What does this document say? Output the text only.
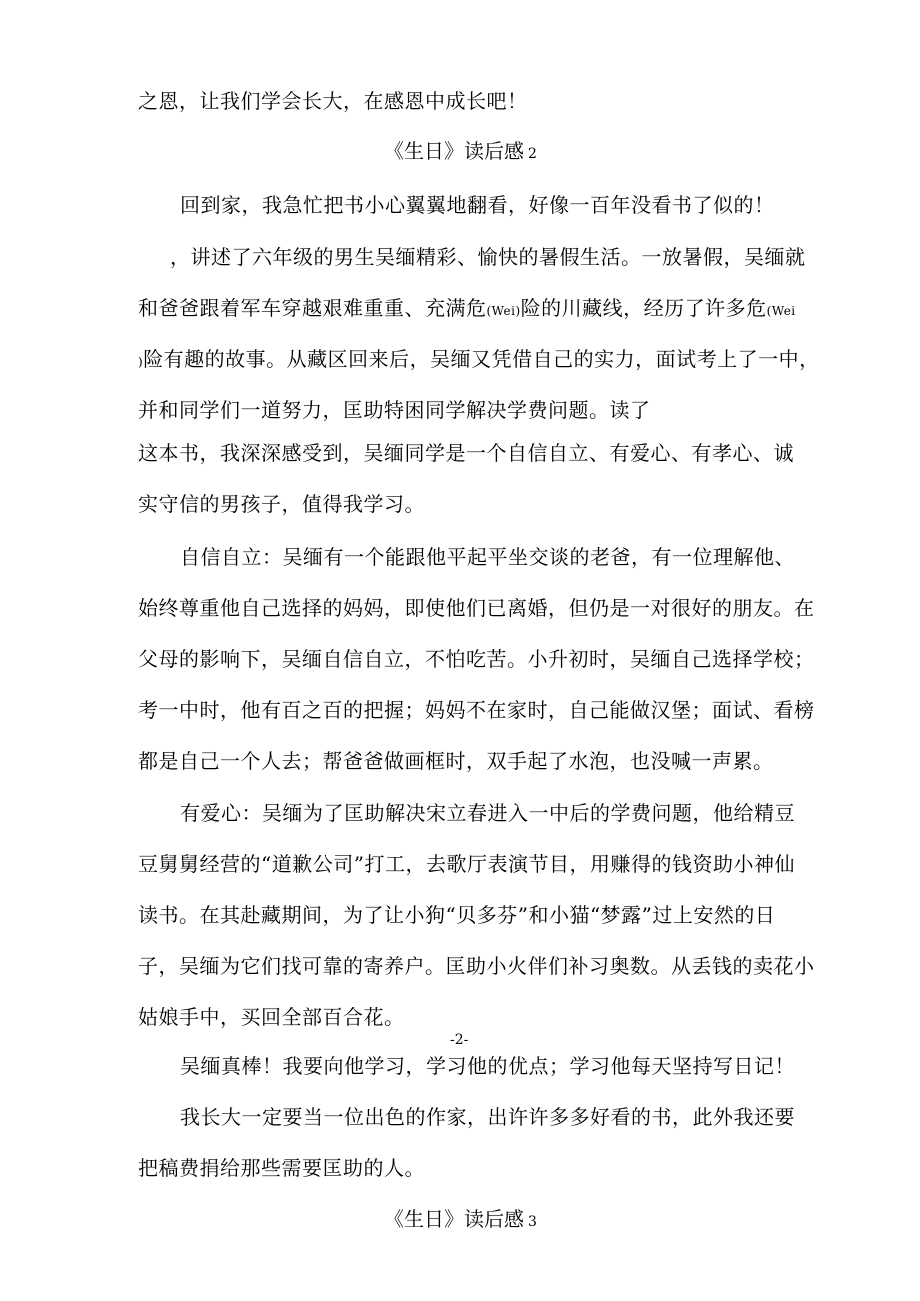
之恩，让我们学会长大，在感恩中成长吧！
《生日》读后感 2
回到家，我急忙把书小心翼翼地翻看，好像一百年没看书了似的！
，讲述了六年级的男生吴缅精彩、愉快的暑假生活。一放暑假，吴缅就
和爸爸跟着军车穿越艰难重重、充满危(Wei)险的川藏线，经历了许多危(Wei
)险有趣的故事。从藏区回来后，吴缅又凭借自己的实力，面试考上了一中，
并和同学们一道努力，匡助特困同学解决学费问题。读了
这本书，我深深感受到，吴缅同学是一个自信自立、有爱心、有孝心、诚
实守信的男孩子，值得我学习。
自信自立：吴缅有一个能跟他平起平坐交谈的老爸，有一位理解他、
始终尊重他自己选择的妈妈，即使他们已离婚，但仍是一对很好的朋友。在
父母的影响下，吴缅自信自立，不怕吃苦。小升初时，吴缅自己选择学校；
考一中时，他有百之百的把握；妈妈不在家时，自己能做汉堡；面试、看榜
都是自己一个人去；帮爸爸做画框时，双手起了水泡，也没喊一声累。
有爱心：吴缅为了匡助解决宋立春进入一中后的学费问题，他给精豆
豆舅舅经营的“道歉公司”打工，去歌厅表演节目，用赚得的钱资助小神仙
读书。在其赴藏期间，为了让小狗“贝多芬”和小猫“梦露”过上安然的日
子，吴缅为它们找可靠的寄养户。匡助小火伴们补习奥数。从丢钱的卖花小
姑娘手中，买回全部百合花。
-2-
吴缅真棒！我要向他学习，学习他的优点；学习他每天坚持写日记！
我长大一定要当一位出色的作家，出许许多多好看的书，此外我还要
把稿费捐给那些需要匡助的人。
《生日》读后感 3
